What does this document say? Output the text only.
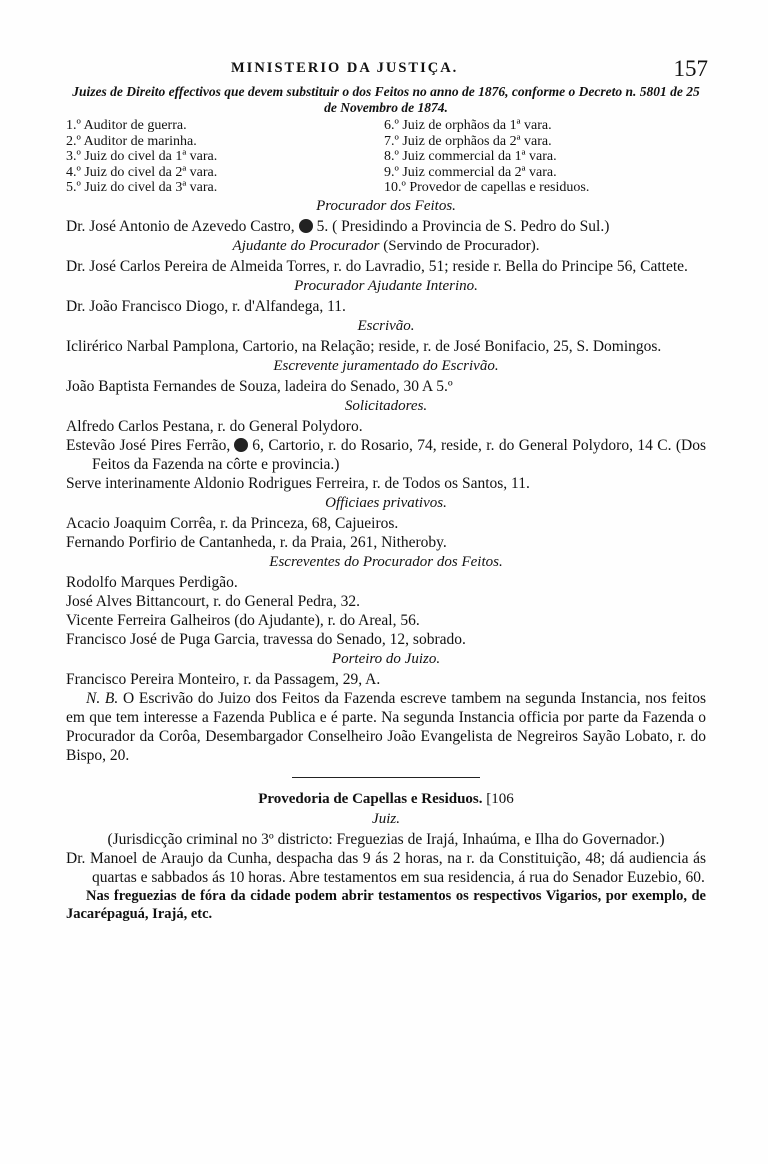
MINISTERIO DA JUSTIÇA.	157
Juizes de Direito effectivos que devem substituir o dos Feitos no anno de 1876, conforme o Decreto n. 5801 de 25 de Novembro de 1874.
1.º Auditor de guerra.
2.º Auditor de marinha.
3.º Juiz do civel da 1ª vara.
4.º Juiz do civel da 2ª vara.
5.º Juiz do civel da 3ª vara.
6.º Juiz de orphãos da 1ª vara.
7.º Juiz de orphãos da 2ª vara.
8.º Juiz commercial da 1ª vara.
9.º Juiz commercial da 2ª vara.
10.º Provedor de capellas e residuos.
Procurador dos Feitos.
Dr. José Antonio de Azevedo Castro, 5. ( Presidindo a Provincia de S. Pedro do Sul.)
Ajudante do Procurador (Servindo de Procurador).
Dr. José Carlos Pereira de Almeida Torres, r. do Lavradio, 51; reside r. Bella do Principe 56, Cattete.
Procurador Ajudante Interino.
Dr. João Francisco Diogo, r. d'Alfandega, 11.
Escrivão.
Iclirérico Narbal Pamplona, Cartorio, na Relação; reside, r. de José Bonifacio, 25, S. Domingos.
Escrevente juramentado do Escrivão.
João Baptista Fernandes de Souza, ladeira do Senado, 30 A 5.º
Solicitadores.
Alfredo Carlos Pestana, r. do General Polydoro.
Estevão José Pires Ferrão, 6, Cartorio, r. do Rosario, 74, reside, r. do General Polydoro, 14 C. (Dos Feitos da Fazenda na côrte e provincia.)
Serve interinamente Aldonio Rodrigues Ferreira, r. de Todos os Santos, 11.
Officiaes privativos.
Acacio Joaquim Corrêa, r. da Princeza, 68, Cajueiros.
Fernando Porfirio de Cantanheda, r. da Praia, 261, Nitheroby.
Escreventes do Procurador dos Feitos.
Rodolfo Marques Perdigão.
José Alves Bittancourt, r. do General Pedra, 32.
Vicente Ferreira Galheiros (do Ajudante), r. do Areal, 56.
Francisco José de Puga Garcia, travessa do Senado, 12, sobrado.
Porteiro do Juizo.
Francisco Pereira Monteiro, r. da Passagem, 29, A.
N. B. O Escrivão do Juizo dos Feitos da Fazenda escreve tambem na segunda Instancia, nos feitos em que tem interesse a Fazenda Publica e é parte. Na segunda Instancia officia por parte da Fazenda o Procurador da Corôa, Desembargador Conselheiro João Evangelista de Negreiros Sayão Lobato, r. do Bispo, 20.
Provedoria de Capellas e Residuos. [106
Juiz.
(Jurisdicção criminal no 3º districto: Freguezias de Irajá, Inhaúma, e Ilha do Governador.)
Dr. Manoel de Araujo da Cunha, despacha das 9 ás 2 horas, na r. da Constituição, 48; dá audiencia ás quartas e sabbados ás 10 horas. Abre testamentos em sua residencia, á rua do Senador Euzebio, 60.
Nas freguezias de fóra da cidade podem abrir testamentos os respectivos Vigarios, por exemplo, de Jacarépaguá, Irajá, etc.
